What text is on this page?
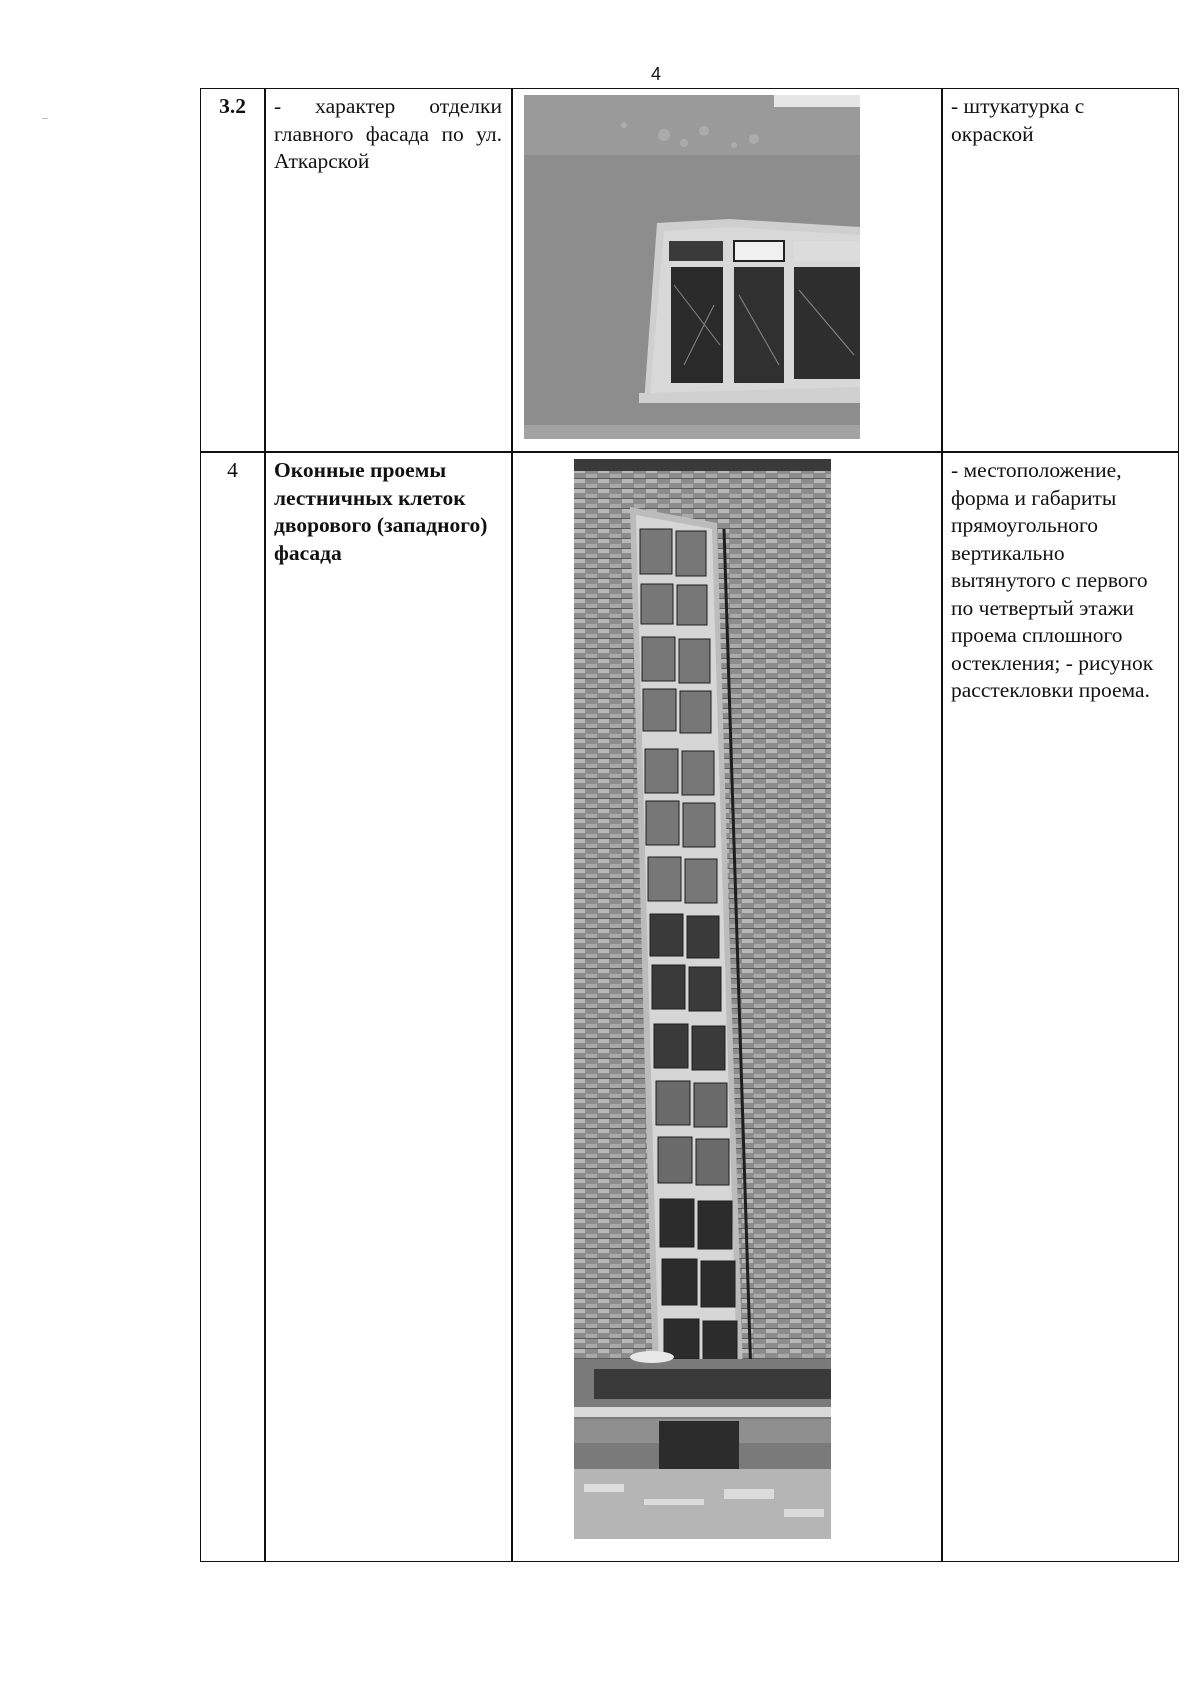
4
3.2	- характер отделки главного фасада по ул. Аткарской
- штукатурка с окраской
4	Оконные проемы лестничных клеток дворового (западного) фасада
- местоположение, форма и габариты прямоугольного вертикально вытянутого с первого по четвертый этажи проема сплошного остекления; - рисунок расстекловки проема.
